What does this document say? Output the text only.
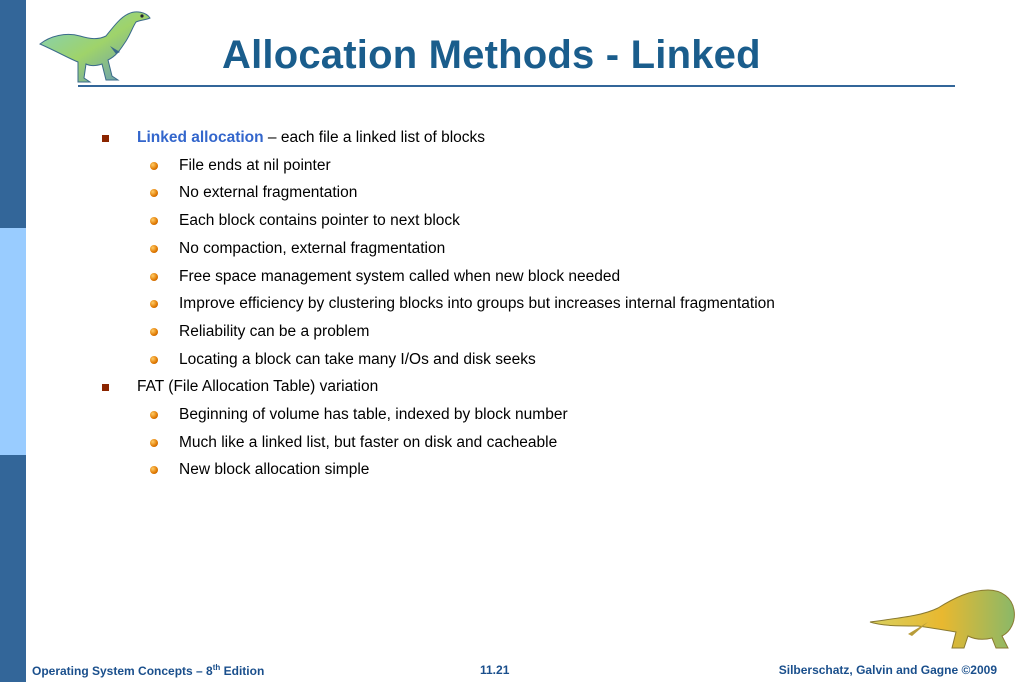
Allocation Methods - Linked
Linked allocation – each file a linked list of blocks
File ends at nil pointer
No external fragmentation
Each block contains pointer to next block
No compaction, external fragmentation
Free space management system called when new block needed
Improve efficiency by clustering blocks into groups but increases internal fragmentation
Reliability can be a problem
Locating a block can take many I/Os and disk seeks
FAT (File Allocation Table) variation
Beginning of volume has table, indexed by block number
Much like a linked list, but faster on disk and cacheable
New block allocation simple
Operating System Concepts – 8th Edition	11.21	Silberschatz, Galvin and Gagne ©2009
